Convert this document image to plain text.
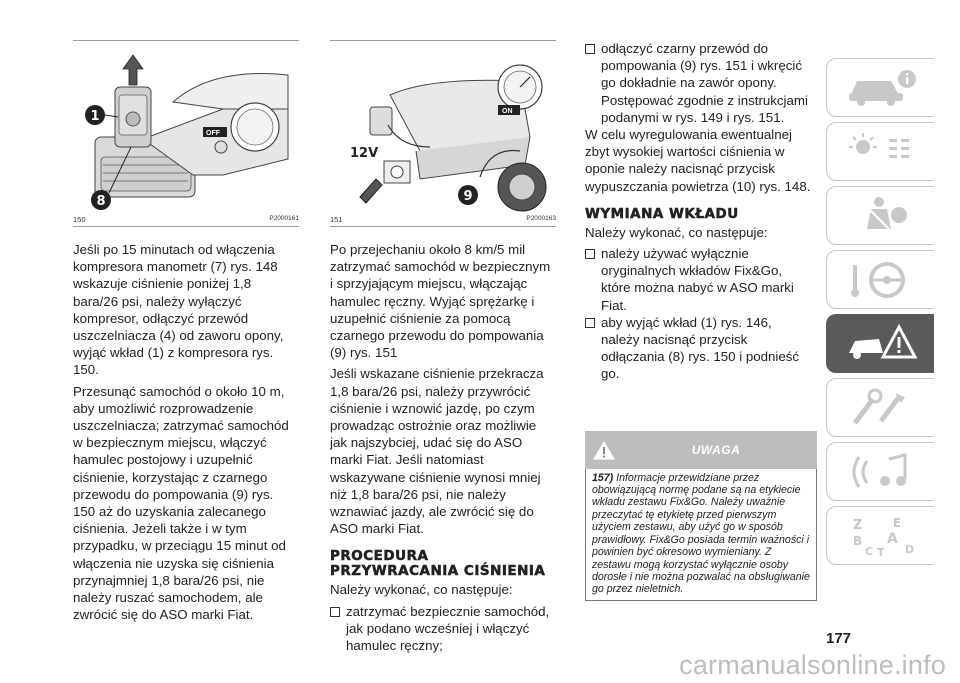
OFF
1
8
150	P2000161

Jeśli po 15 minutach od włączenia kompresora manometr (7) rys. 148 wskazuje ciśnienie poniżej 1,8 bara/26 psi, należy wyłączyć kompresor, odłączyć przewód uszczelniacza (4) od zaworu opony, wyjąć wkład (1) z kompresora rys. 150.

Przesunąć samochód o około 10 m, aby umożliwić rozprowadzenie uszczelniacza; zatrzymać samochód w bezpiecznym miejscu, włączyć hamulec postojowy i uzupełnić ciśnienie, korzystając z czarnego przewodu do pompowania (9) rys. 150 aż do uzyskania zalecanego ciśnienia. Jeżeli także i w tym przypadku, w przeciągu 15 minut od włączenia nie uzyska się ciśnienia przynajmniej 1,8 bara/26 psi, nie należy ruszać samochodem, ale zwrócić się do ASO marki Fiat.

ON
12V
9
151	P2000163

Po przejechaniu około 8 km/5 mil zatrzymać samochód w bezpiecznym i sprzyjającym miejscu, włączając hamulec ręczny. Wyjąć sprężarkę i uzupełnić ciśnienie za pomocą czarnego przewodu do pompowania (9) rys. 151

Jeśli wskazane ciśnienie przekracza 1,8 bara/26 psi, należy przywrócić ciśnienie i wznowić jazdę, po czym prowadząc ostrożnie oraz możliwie jak najszybciej, udać się do ASO marki Fiat. Jeśli natomiast wskazywane ciśnienie wynosi mniej niż 1,8 bara/26 psi, nie należy wznawiać jazdy, ale zwrócić się do ASO marki Fiat.

PROCEDURA PRZYWRACANIA CIŚNIENIA

Należy wykonać, co następuje:

zatrzymać bezpiecznie samochód, jak podano wcześniej i włączyć hamulec ręczny;
odłączyć czarny przewód do pompowania (9) rys. 151 i wkręcić go dokładnie na zawór opony. Postępować zgodnie z instrukcjami podanymi w rys. 149 i rys. 151.

W celu wyregulowania ewentualnej zbyt wysokiej wartości ciśnienia w oponie należy nacisnąć przycisk wypuszczania powietrza (10) rys. 148.

WYMIANA WKŁADU

Należy wykonać, co następuje:

należy używać wyłącznie oryginalnych wkładów Fix&Go, które można nabyć w ASO marki Fiat.
aby wyjąć wkład (1) rys. 146, należy nacisnąć przycisk odłączania (8) rys. 150 i podnieść go.
UWAGA
157) Informacje przewidziane przez obowiązującą normę podane są na etykiecie wkładu zestawu Fix&Go. Należy uważnie przeczytać tę etykietę przed pierwszym użyciem zestawu, aby użyć go w sposób prawidłowy. Fix&Go posiada termin ważności i powinien być okresowo wymieniany. Z zestawu mogą korzystać wyłącznie osoby dorosłe i nie można pozwalać na obsługiwanie go przez nieletnich.
Z	E
B A
C	D
T
177
carmanualsonline.info
